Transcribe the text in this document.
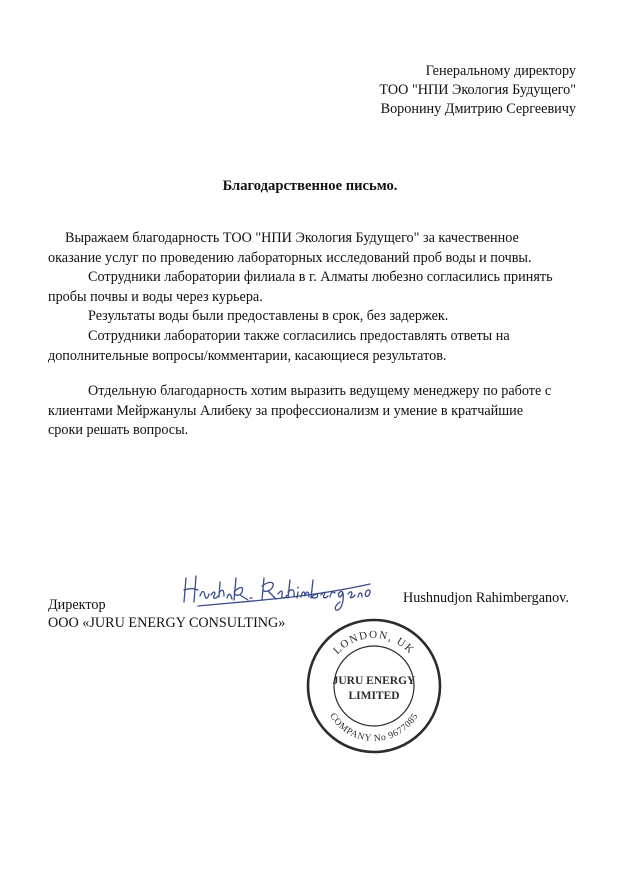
Генеральному директору
ТОО "НПИ Экология Будущего"
Воронину Дмитрию Сергеевичу
Благодарственное письмо.

Выражаем благодарность ТОО "НПИ Экология Будущего" за качественное
оказание услуг по проведению лабораторных исследований проб воды и почвы.

Сотрудники лаборатории филиала в г. Алматы любезно согласились принять
пробы почвы и воды через курьера.

Результаты воды были предоставлены в срок, без задержек.

Сотрудники лаборатории также согласились предоставлять ответы на
дополнительные вопросы/комментарии, касающиеся результатов.

Отдельную благодарность хотим выразить ведущему менеджеру по работе с
клиентами Мейржанулы Алибеку за профессионализм и умение в кратчайшие
сроки решать вопросы.

Директор
ООО «JURU ENERGY CONSULTING»
Hushnudjon Rahimberganov.
LONDON, UK
COMPANY No 9677085
JURU ENERGY
LIMITED
